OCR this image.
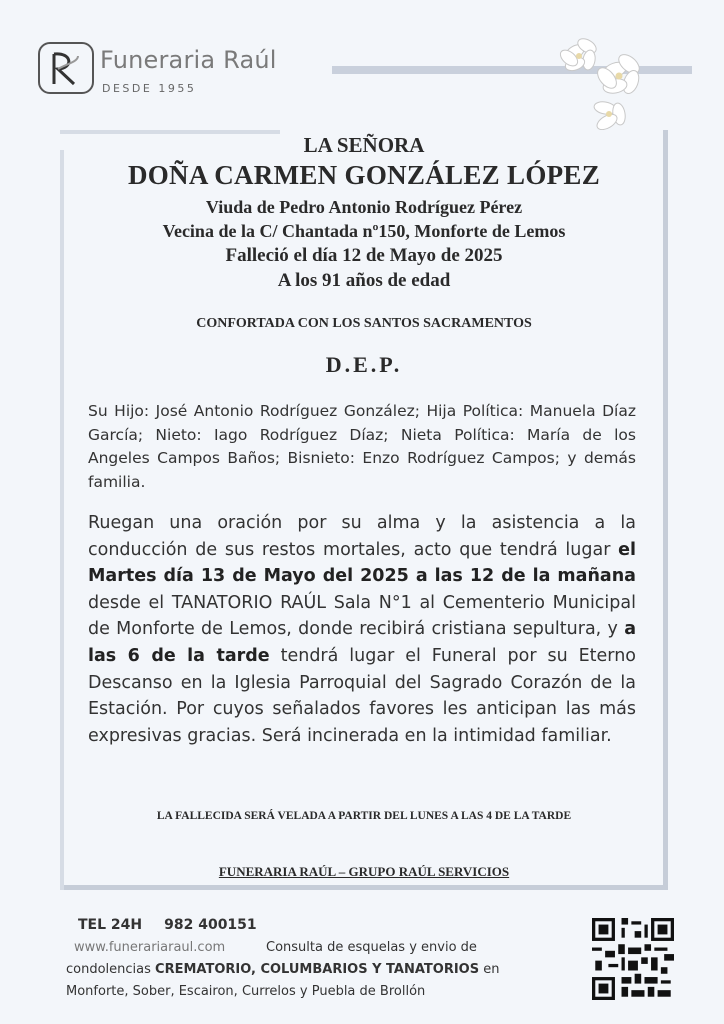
Funeraria Raúl
DESDE 1955
LA SEÑORA
DOÑA CARMEN GONZÁLEZ LÓPEZ
Viuda de Pedro Antonio Rodríguez Pérez
Vecina de la C/ Chantada nº150, Monforte de Lemos
Falleció el día 12 de Mayo de 2025
A los 91 años de edad
CONFORTADA CON LOS SANTOS SACRAMENTOS
D.E.P.
Su Hijo: José Antonio Rodríguez González; Hija Política: Manuela Díaz García; Nieto: Iago Rodríguez Díaz; Nieta Política: María de los Angeles Campos Baños; Bisnieto: Enzo Rodríguez Campos; y demás familia.
Ruegan una oración por su alma y la asistencia a la conducción de sus restos mortales, acto que tendrá lugar el Martes día 13 de Mayo del 2025 a las 12 de la mañana desde el TANATORIO RAÚL Sala N°1 al Cementerio Municipal de Monforte de Lemos, donde recibirá cristiana sepultura, y a las 6 de la tarde tendrá lugar el Funeral por su Eterno Descanso en la Iglesia Parroquial del Sagrado Corazón de la Estación. Por cuyos señalados favores les anticipan las más expresivas gracias. Será incinerada en la intimidad familiar.
LA FALLECIDA SERÁ VELADA A PARTIR DEL LUNES A LAS 4 DE LA TARDE
FUNERARIA RAÚL – GRUPO RAÚL SERVICIOS
TEL 24H 982 400151
www.funerariaraul.com	Consulta de esquelas y envio de
condolencias CREMATORIO, COLUMBARIOS Y TANATORIOS en
Monforte, Sober, Escairon, Currelos y Puebla de Brollón
